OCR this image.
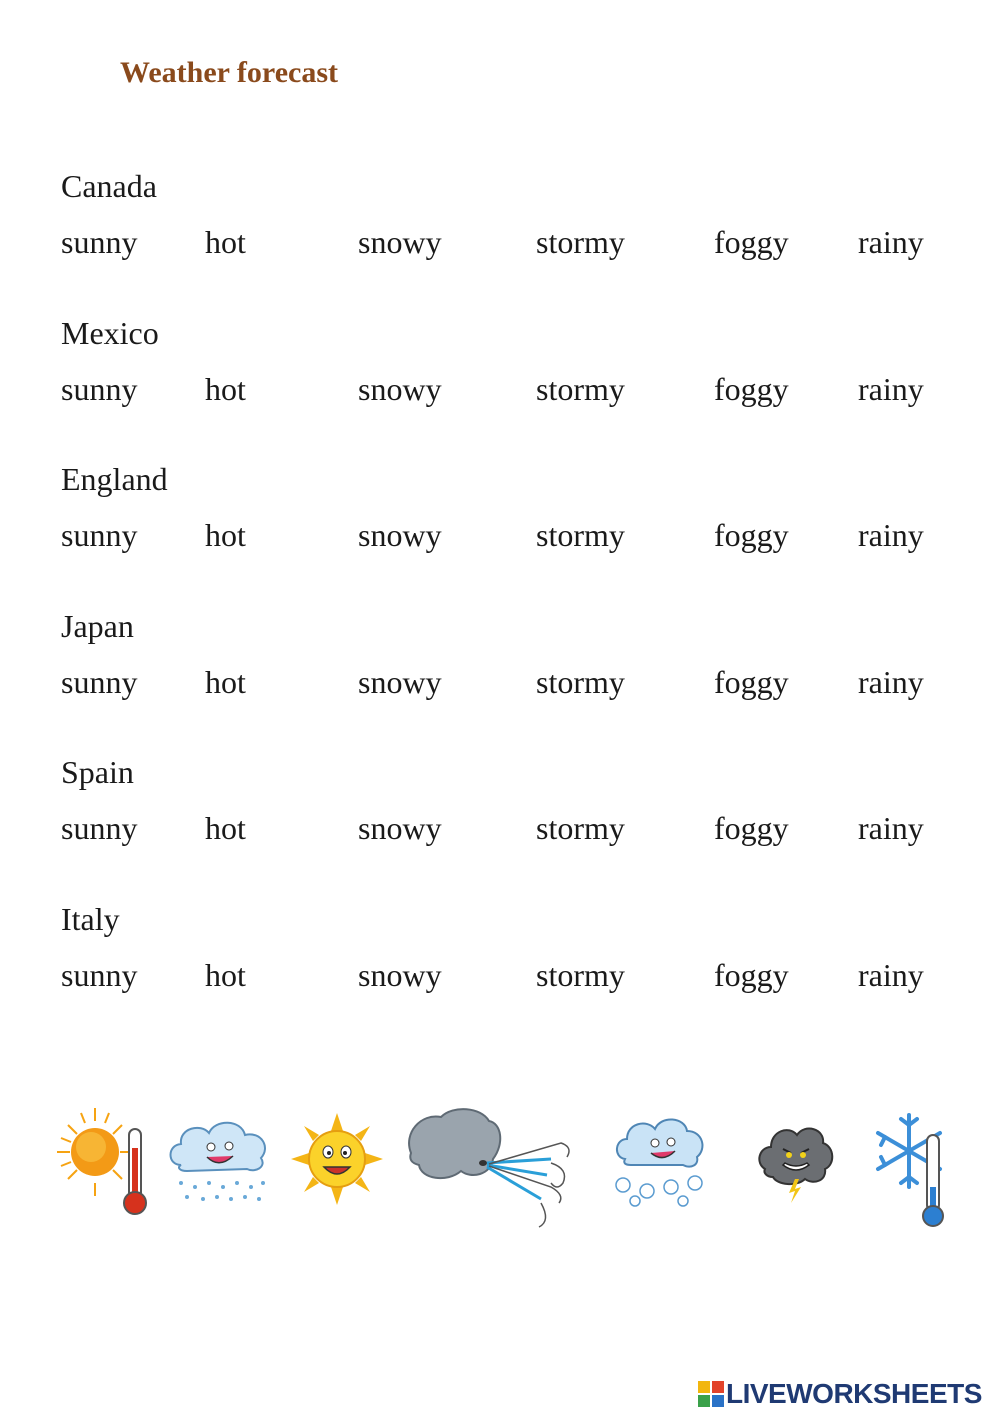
Weather forecast
Canada
sunny hot	snowy	stormy	foggy rainy
Mexico
sunny hot	snowy	stormy	foggy rainy
England
sunny hot	snowy	stormy	foggy rainy
Japan
sunny hot	snowy	stormy	foggy rainy
Spain
sunny hot	snowy	stormy	foggy rainy
Italy
sunny hot	snowy	stormy	foggy rainy
LIVEWORKSHEETS
